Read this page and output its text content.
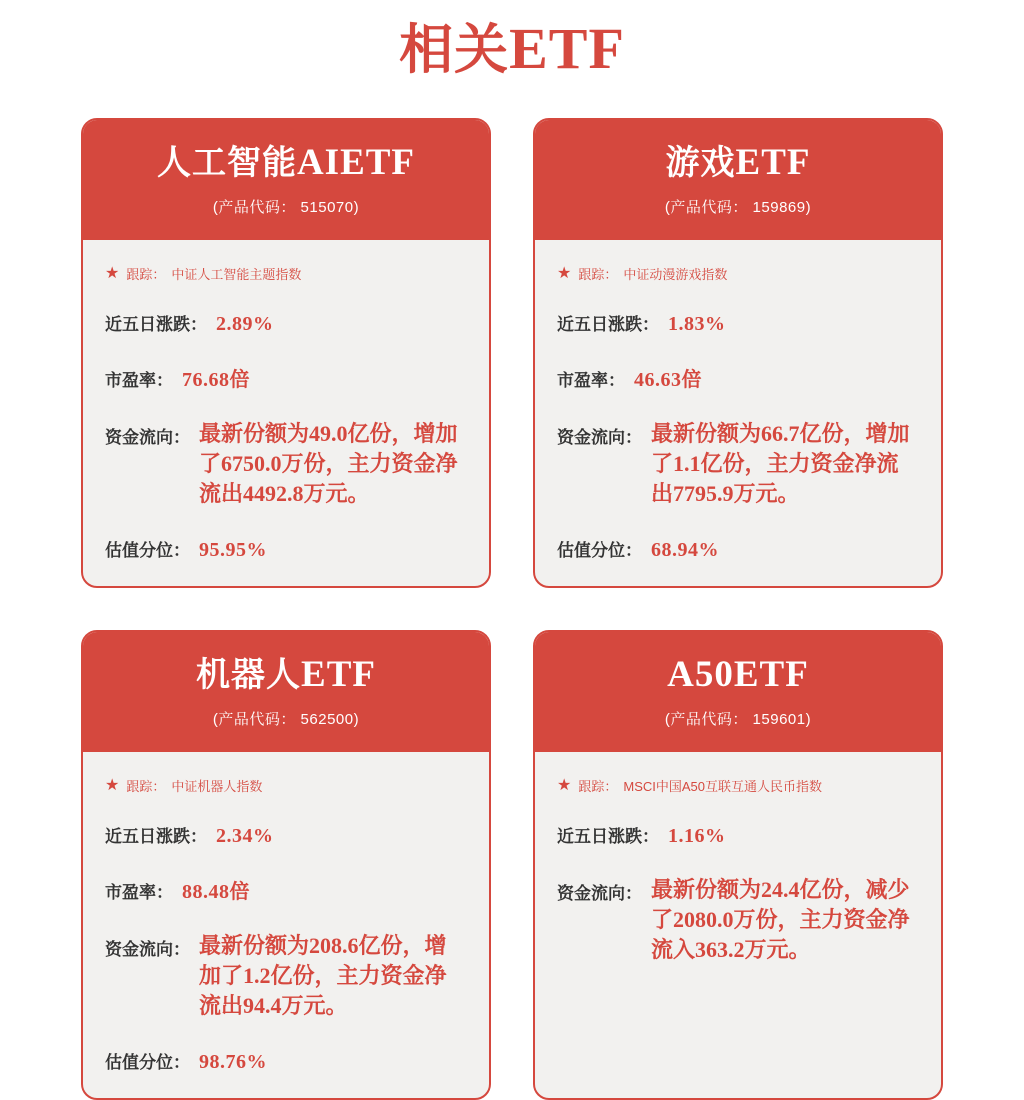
相关ETF
人工智能AIETF
(产品代码： 515070)
★ 跟踪： 中证人工智能主题指数
近五日涨跌： 2.89%
市盈率： 76.68倍
资金流向： 最新份额为49.0亿份，增加了6750.0万份，主力资金净流出4492.8万元。
估值分位： 95.95%
游戏ETF
(产品代码： 159869)
★ 跟踪： 中证动漫游戏指数
近五日涨跌： 1.83%
市盈率： 46.63倍
资金流向： 最新份额为66.7亿份，增加了1.1亿份，主力资金净流出7795.9万元。
估值分位： 68.94%
机器人ETF
(产品代码： 562500)
★ 跟踪： 中证机器人指数
近五日涨跌： 2.34%
市盈率： 88.48倍
资金流向： 最新份额为208.6亿份，增加了1.2亿份，主力资金净流出94.4万元。
估值分位： 98.76%
A50ETF
(产品代码： 159601)
★ 跟踪： MSCI中国A50互联互通人民币指数
近五日涨跌： 1.16%
资金流向： 最新份额为24.4亿份，减少了2080.0万份，主力资金净流入363.2万元。
